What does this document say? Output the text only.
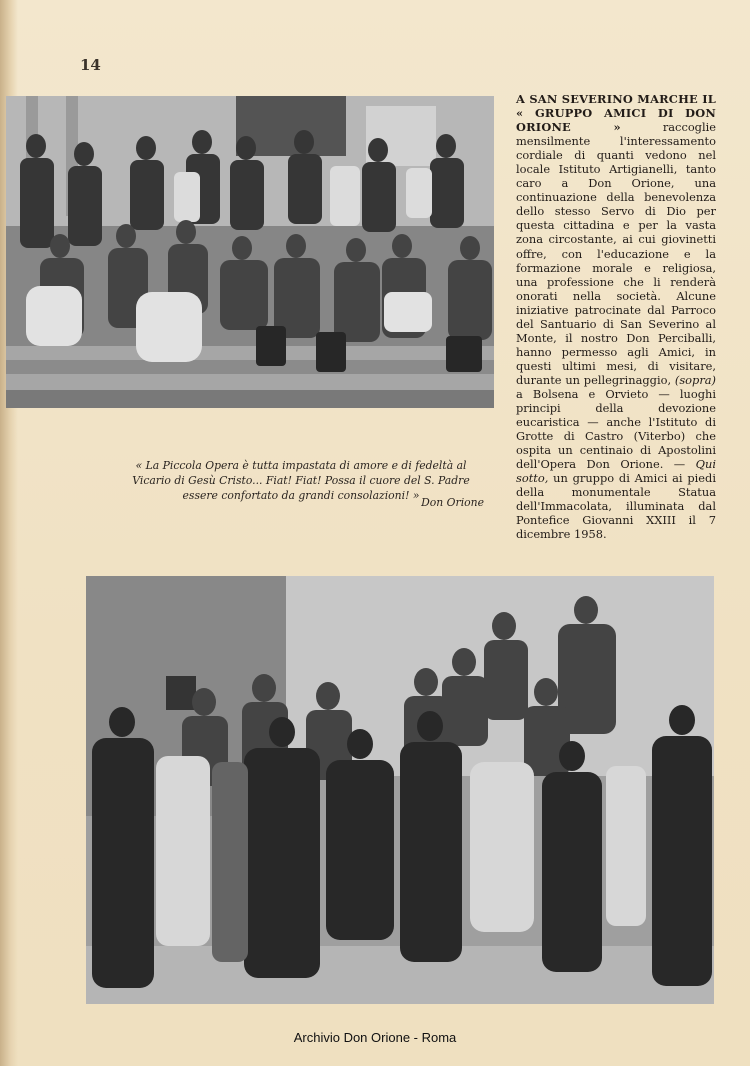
14
A SAN SEVERINO MARCHE IL « GRUPPO AMICI DI DON ORIONE » raccoglie mensilmente l'interessamento cordiale di quanti vedono nel locale Istituto Artigianelli, tanto caro a Don Orione, una continuazione della benevolenza dello stesso Servo di Dio per questa cittadina e per la vasta zona circostante, ai cui giovinetti offre, con l'educazione e la formazione morale e religiosa, una professione che li renderà onorati nella società. Alcune iniziative patrocinate dal Parroco del Santuario di San Severino al Monte, il nostro Don Perciballi, hanno permesso agli Amici, in questi ultimi mesi, di visitare, durante un pellegrinaggio, (sopra) a Bolsena e Orvieto — luoghi principi della devozione eucaristica — anche l'Istituto di Grotte di Castro (Viterbo) che ospita un centinaio di Apostolini dell'Opera Don Orione. — Qui sotto, un gruppo di Amici ai piedi della monumentale Statua dell'Immacolata, illuminata dal Pontefice Giovanni XXIII il 7 dicembre 1958.
« La Piccola Opera è tutta impastata di amore e di fedeltà al Vicario di Gesù Cristo... Fiat! Fiat! Possa il cuore del S. Padre essere confortato da grandi consolazioni! »
Don Orione
Archivio Don Orione - Roma
